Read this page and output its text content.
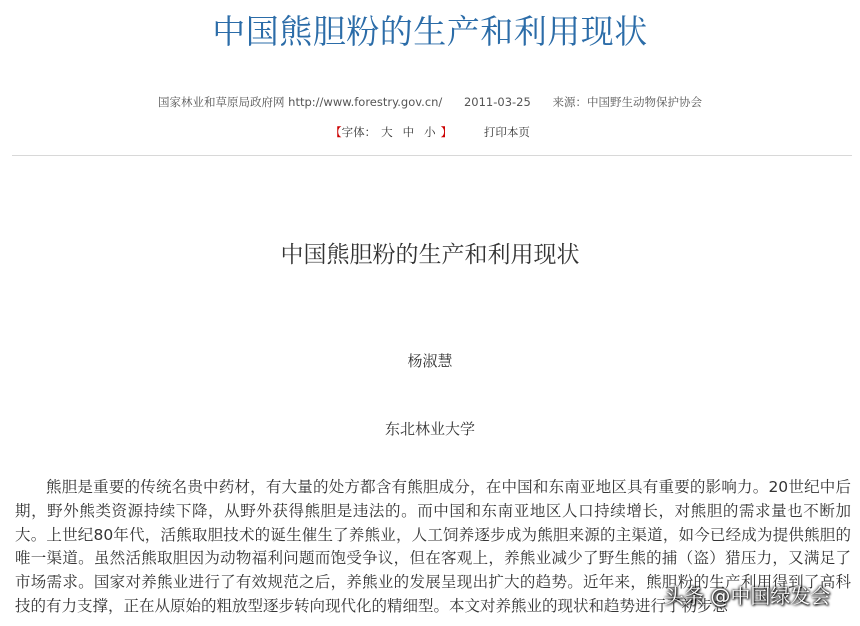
中国熊胆粉的生产和利用现状
国家林业和草原局政府网 http://www.forestry.gov.cn/ 2011-03-25 来源：中国野生动物保护协会
【字体： 大 中 小 】	打印本页
中国熊胆粉的生产和利用现状
杨淑慧
东北林业大学

熊胆是重要的传统名贵中药材，有大量的处方都含有熊胆成分，在中国和东南亚地区具有重要的影响力。20世纪中后期，野外熊类资源持续下降，从野外获得熊胆是违法的。而中国和东南亚地区人口持续增长，对熊胆的需求量也不断加大。上世纪80年代，活熊取胆技术的诞生催生了养熊业，人工饲养逐步成为熊胆来源的主渠道，如今已经成为提供熊胆的唯一渠道。虽然活熊取胆因为动物福利问题而饱受争议，但在客观上，养熊业减少了野生熊的捕（盗）猎压力，又满足了市场需求。国家对养熊业进行了有效规范之后，养熊业的发展呈现出扩大的趋势。近年来，熊胆粉的生产利用得到了高科技的有力支撑，正在从原始的粗放型逐步转向现代化的精细型。本文对养熊业的现状和趋势进行了初步总

头条 @中国绿发会
